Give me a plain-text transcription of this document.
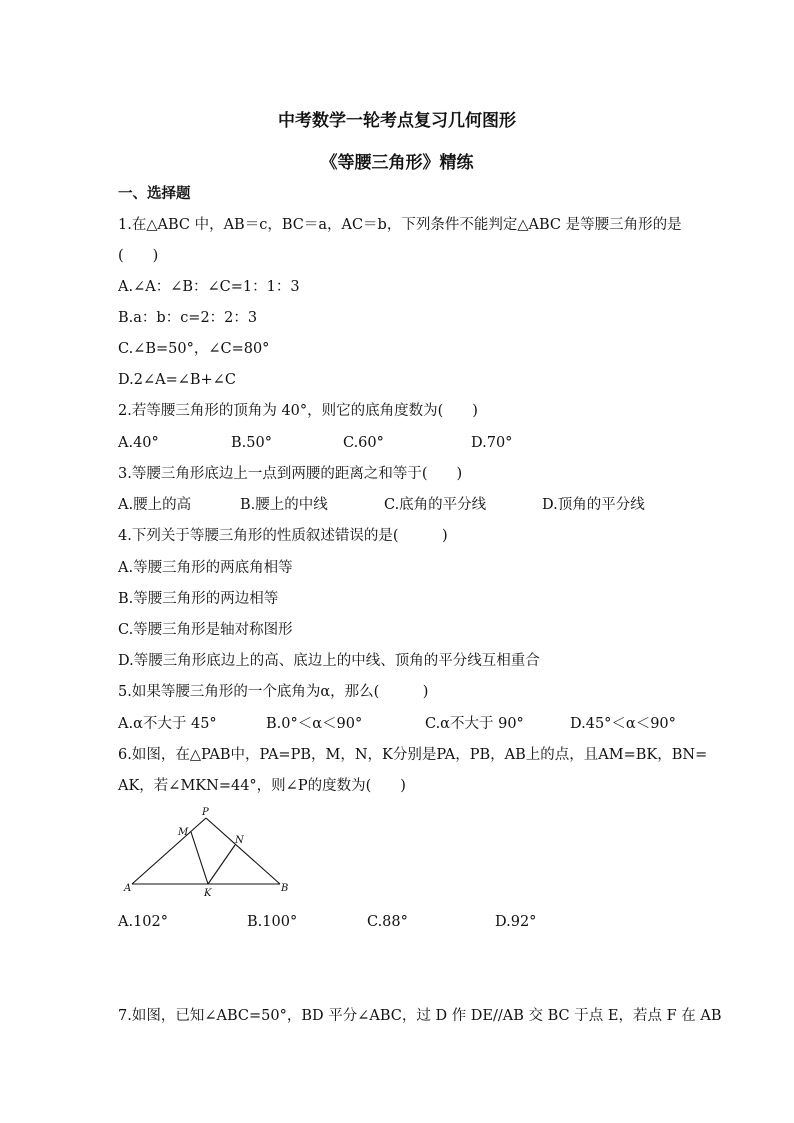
中考数学一轮考点复习几何图形
《等腰三角形》精练
一、选择题
1.在△ABC 中，AB＝c，BC＝a，AC＝b，下列条件不能判定△ABC 是等腰三角形的是
(　　)
A.∠A：∠B：∠C=1：1：3
B.a：b：c=2：2：3
C.∠B=50°，∠C=80°
D.2∠A=∠B+∠C
2.若等腰三角形的顶角为 40°，则它的底角度数为(　　)
A.40°	B.50°	C.60°	D.70°
3.等腰三角形底边上一点到两腰的距离之和等于(　　)
A.腰上的高	B.腰上的中线	C.底角的平分线	D.顶角的平分线
4.下列关于等腰三角形的性质叙述错误的是(　　　)
A.等腰三角形的两底角相等
B.等腰三角形的两边相等
C.等腰三角形是轴对称图形
D.等腰三角形底边上的高、底边上的中线、顶角的平分线互相重合
5.如果等腰三角形的一个底角为α，那么(　　　)
A.α不大于 45°	B.0°＜α＜90°	C.α不大于 90°	D.45°＜α＜90°
6.如图，在△PAB中，PA=PB，M，N，K分别是PA，PB，AB上的点，且AM=BK，BN=
AK，若∠MKN=44°，则∠P的度数为(　　)
P
M
N
A	K	B
A.102°	B.100°	C.88°	D.92°
7.如图，已知∠ABC=50°，BD 平分∠ABC，过 D 作 DE//AB 交 BC 于点 E，若点 F 在 AB
